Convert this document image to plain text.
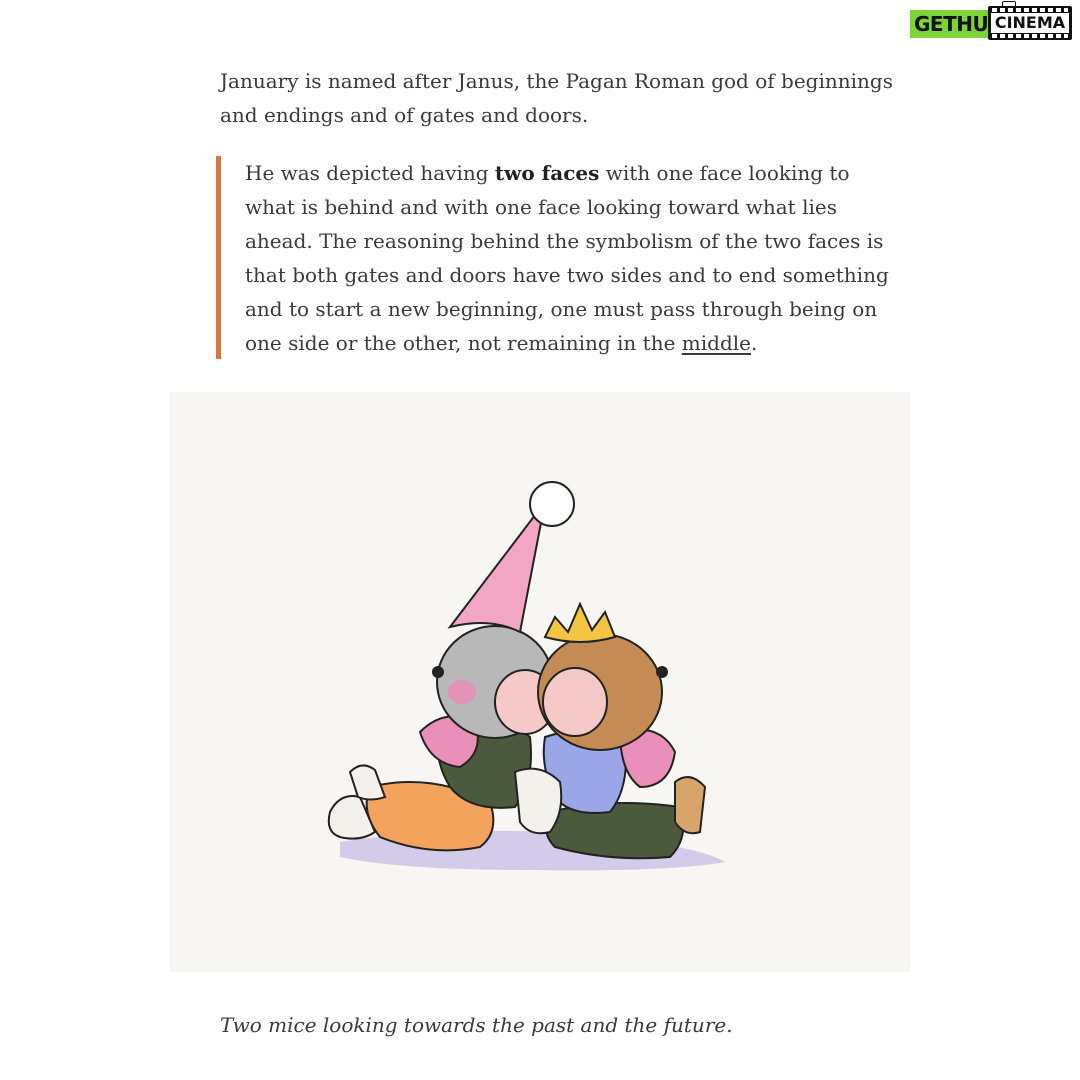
GETHU CINEMA

January is named after Janus, the Pagan Roman god of beginnings and endings and of gates and doors.

He was depicted having two faces with one face looking to what is behind and with one face looking toward what lies ahead. The reasoning behind the symbolism of the two faces is that both gates and doors have two sides and to end something and to start a new beginning, one must pass through being on one side or the other, not remaining in the middle.

Two mice looking towards the past and the future.
